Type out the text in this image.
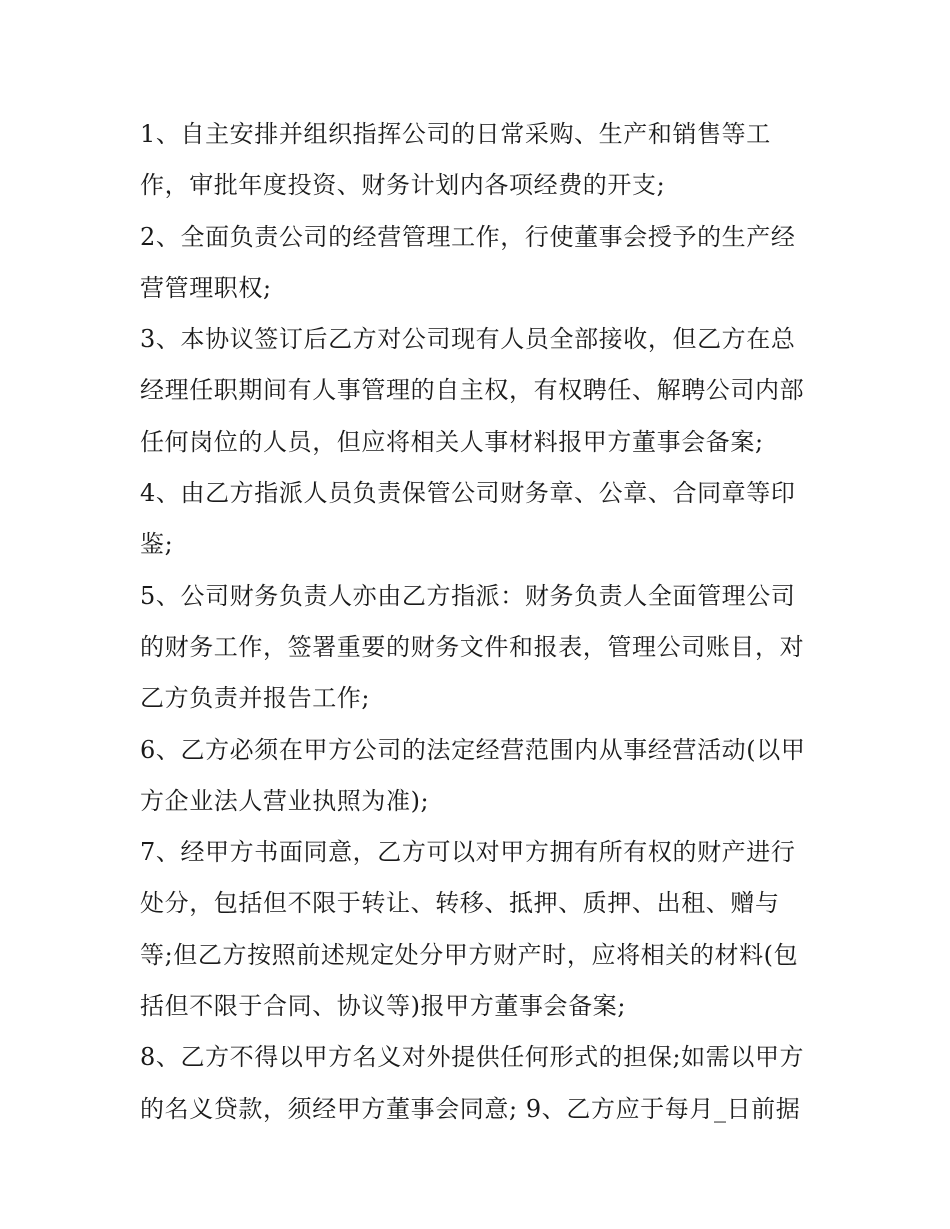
1、自主安排并组织指挥公司的日常采购、生产和销售等工
作，审批年度投资、财务计划内各项经费的开支;
2、全面负责公司的经营管理工作，行使董事会授予的生产经
营管理职权;
3、本协议签订后乙方对公司现有人员全部接收，但乙方在总
经理任职期间有人事管理的自主权，有权聘任、解聘公司内部
任何岗位的人员，但应将相关人事材料报甲方董事会备案;
4、由乙方指派人员负责保管公司财务章、公章、合同章等印
鉴;
5、公司财务负责人亦由乙方指派：财务负责人全面管理公司
的财务工作，签署重要的财务文件和报表，管理公司账目，对
乙方负责并报告工作;
6、乙方必须在甲方公司的法定经营范围内从事经营活动(以甲
方企业法人营业执照为准);
7、经甲方书面同意，乙方可以对甲方拥有所有权的财产进行
处分，包括但不限于转让、转移、抵押、质押、出租、赠与
等;但乙方按照前述规定处分甲方财产时，应将相关的材料(包
括但不限于合同、协议等)报甲方董事会备案;
8、乙方不得以甲方名义对外提供任何形式的担保;如需以甲方
的名义贷款，须经甲方董事会同意; 9、乙方应于每月_日前据
